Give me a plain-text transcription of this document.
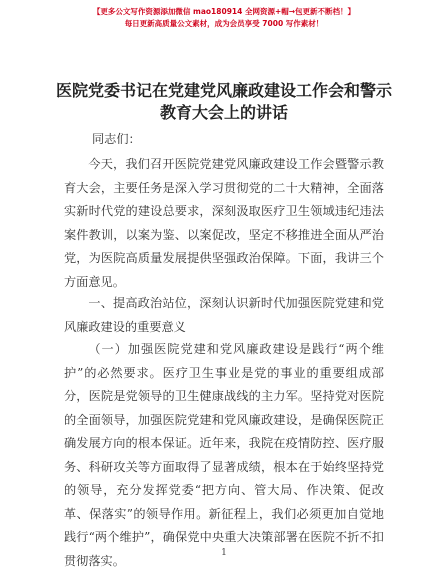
【更多公文写作资源添加微信 mao180914 全网资源+帽→包更新不断档！】
每日更新高质量公文素材，成为会员享受 7000 写作素材！
医院党委书记在党建党风廉政建设工作会和警示教育大会上的讲话
同志们：
今天，我们召开医院党建党风廉政建设工作会暨警示教育大会，主要任务是深入学习贯彻党的二十大精神，全面落实新时代党的建设总要求，深刻汲取医疗卫生领域违纪违法案件教训，以案为鉴、以案促改，坚定不移推进全面从严治党，为医院高质量发展提供坚强政治保障。下面，我讲三个方面意见。
一、提高政治站位，深刻认识新时代加强医院党建和党风廉政建设的重要意义
（一）加强医院党建和党风廉政建设是践行“两个维护”的必然要求。医疗卫生事业是党的事业的重要组成部分，医院是党领导的卫生健康战线的主力军。坚持党对医院的全面领导，加强医院党建和党风廉政建设，是确保医院正确发展方向的根本保证。近年来，我院在疫情防控、医疗服务、科研攻关等方面取得了显著成绩，根本在于始终坚持党的领导，充分发挥党委“把方向、管大局、作决策、促改革、保落实”的领导作用。新征程上，我们必须更加自觉地践行“两个维护”，确保党中央重大决策部署在医院不折不扣贯彻落实。
1
